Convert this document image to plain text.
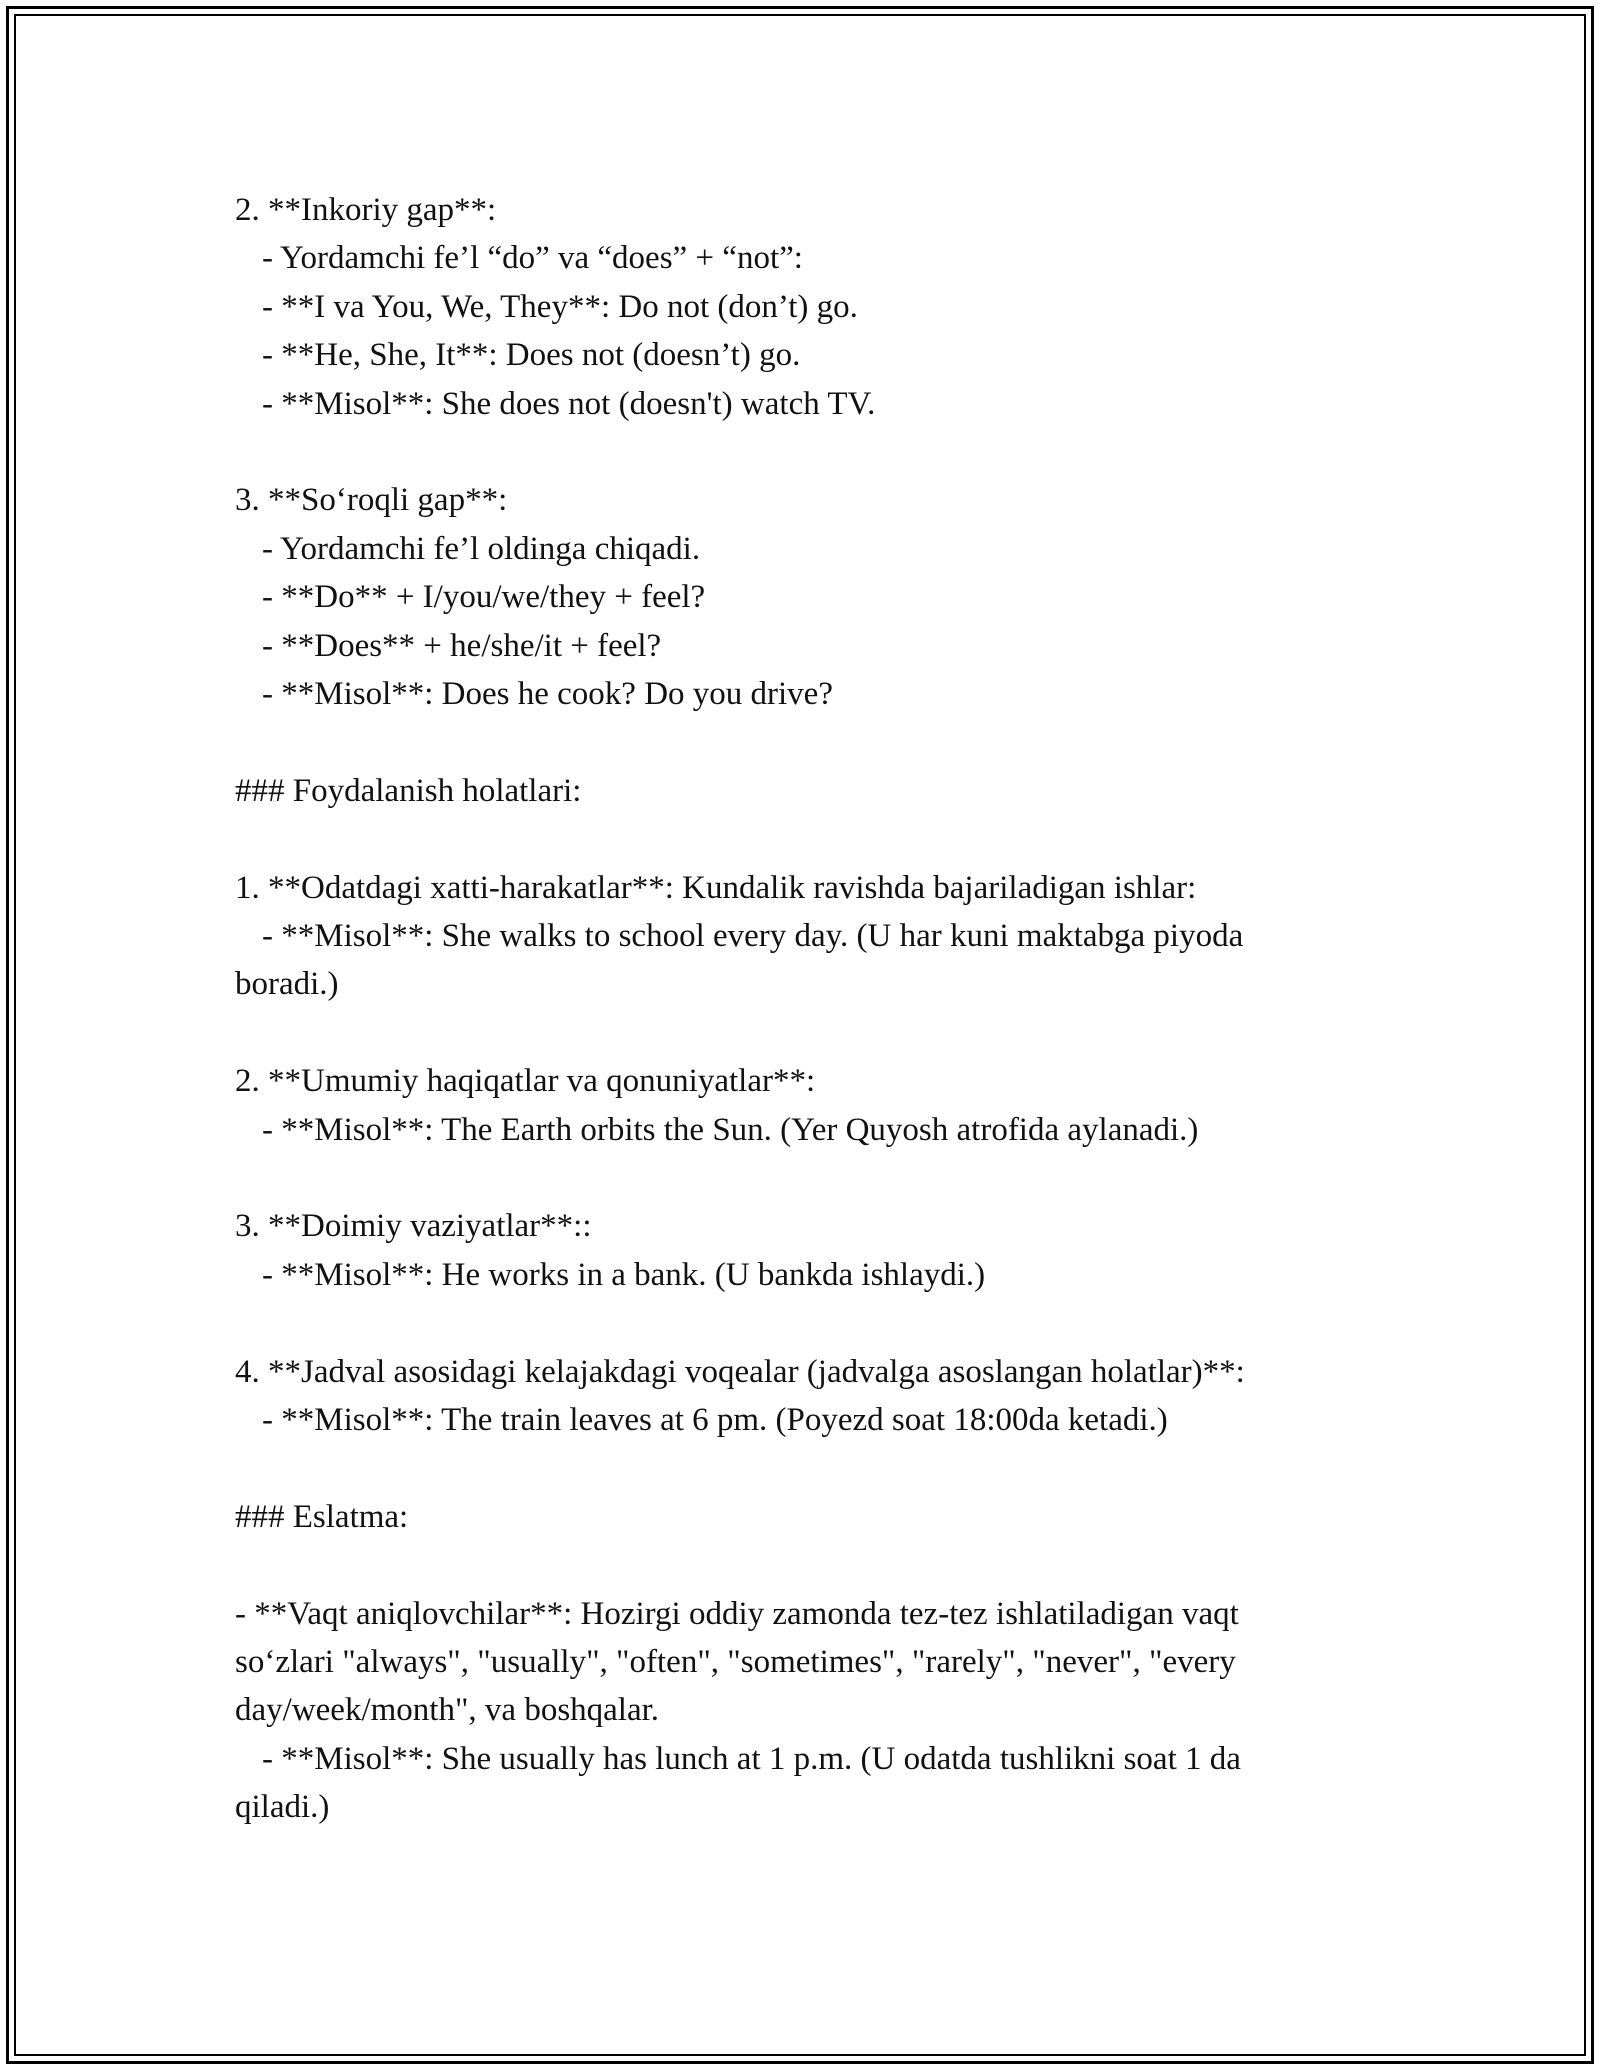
2. **Inkoriy gap**:
- Yordamchi fe’l “do” va “does” + “not”:
- **I va You, We, They**: Do not (don’t) go.
- **He, She, It**: Does not (doesn’t) go.
- **Misol**: She does not (doesn't) watch TV.
3. **So‘roqli gap**:
- Yordamchi fe’l oldinga chiqadi.
- **Do** + I/you/we/they + feel?
- **Does** + he/she/it + feel?
- **Misol**: Does he cook? Do you drive?
### Foydalanish holatlari:
1. **Odatdagi xatti-harakatlar**: Kundalik ravishda bajariladigan ishlar:
- **Misol**: She walks to school every day. (U har kuni maktabga piyoda
boradi.)
2. **Umumiy haqiqatlar va qonuniyatlar**:
- **Misol**: The Earth orbits the Sun. (Yer Quyosh atrofida aylanadi.)
3. **Doimiy vaziyatlar**::
- **Misol**: He works in a bank. (U bankda ishlaydi.)
4. **Jadval asosidagi kelajakdagi voqealar (jadvalga asoslangan holatlar)**:
- **Misol**: The train leaves at 6 pm. (Poyezd soat 18:00da ketadi.)
### Eslatma:
- **Vaqt aniqlovchilar**: Hozirgi oddiy zamonda tez-tez ishlatiladigan vaqt
so‘zlari "always", "usually", "often", "sometimes", "rarely", "never", "every
day/week/month", va boshqalar.
- **Misol**: She usually has lunch at 1 p.m. (U odatda tushlikni soat 1 da
qiladi.)
